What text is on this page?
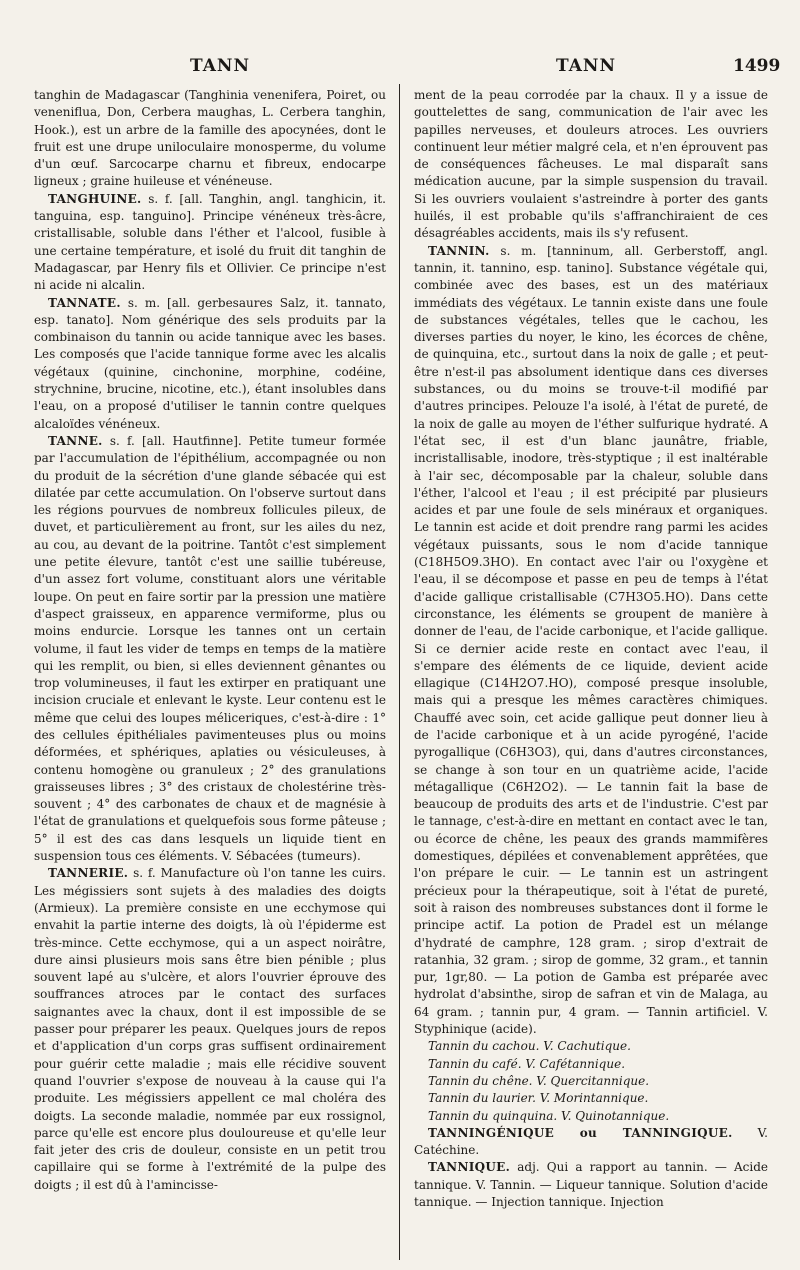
TANN	TANN	1499

tanghin de Madagascar (Tanghinia venenifera, Poiret, ou veneniflua, Don, Cerbera maughas, L. Cerbera tanghin, Hook.), est un arbre de la famille des apocynées, dont le fruit est une drupe uniloculaire monosperme, du volume d'un œuf. Sarcocarpe charnu et fibreux, endocarpe ligneux ; graine huileuse et vénéneuse.

TANGHUINE. s. f. [all. Tanghin, angl. tanghicin, it. tanguina, esp. tanguino]. Principe vénéneux très-âcre, cristallisable, soluble dans l'éther et l'alcool, fusible à une certaine température, et isolé du fruit dit tanghin de Madagascar, par Henry fils et Ollivier. Ce principe n'est ni acide ni alcalin.

TANNATE. s. m. [all. gerbesaures Salz, it. tannato, esp. tanato]. Nom générique des sels produits par la combinaison du tannin ou acide tannique avec les bases. Les composés que l'acide tannique forme avec les alcalis végétaux (quinine, cinchonine, morphine, codéine, strychnine, brucine, nicotine, etc.), étant insolubles dans l'eau, on a proposé d'utiliser le tannin contre quelques alcaloïdes vénéneux.

TANNE. s. f. [all. Hautfinne]. Petite tumeur formée par l'accumulation de l'épithélium, accompagnée ou non du produit de la sécrétion d'une glande sébacée qui est dilatée par cette accumulation. On l'observe surtout dans les régions pourvues de nombreux follicules pileux, de duvet, et particulièrement au front, sur les ailes du nez, au cou, au devant de la poitrine. Tantôt c'est simplement une petite élevure, tantôt c'est une saillie tubéreuse, d'un assez fort volume, constituant alors une véritable loupe. On peut en faire sortir par la pression une matière d'aspect graisseux, en apparence vermiforme, plus ou moins endurcie. Lorsque les tannes ont un certain volume, il faut les vider de temps en temps de la matière qui les remplit, ou bien, si elles deviennent gênantes ou trop volumineuses, il faut les extirper en pratiquant une incision cruciale et enlevant le kyste. Leur contenu est le même que celui des loupes méliceriques, c'est-à-dire : 1° des cellules épithéliales pavimenteuses plus ou moins déformées, et sphériques, aplaties ou vésiculeuses, à contenu homogène ou granuleux ; 2° des granulations graisseuses libres ; 3° des cristaux de cholestérine très-souvent ; 4° des carbonates de chaux et de magnésie à l'état de granulations et quelquefois sous forme pâteuse ; 5° il est des cas dans lesquels un liquide tient en suspension tous ces éléments. V. Sébacées (tumeurs).

TANNERIE. s. f. Manufacture où l'on tanne les cuirs. Les mégissiers sont sujets à des maladies des doigts (Armieux). La première consiste en une ecchymose qui envahit la partie interne des doigts, là où l'épiderme est très-mince. Cette ecchymose, qui a un aspect noirâtre, dure ainsi plusieurs mois sans être bien pénible ; plus souvent lapé au s'ulcère, et alors l'ouvrier éprouve des souffrances atroces par le contact des surfaces saignantes avec la chaux, dont il est impossible de se passer pour préparer les peaux. Quelques jours de repos et d'application d'un corps gras suffisent ordinairement pour guérir cette maladie ; mais elle récidive souvent quand l'ouvrier s'expose de nouveau à la cause qui l'a produite. Les mégissiers appellent ce mal choléra des doigts. La seconde maladie, nommée par eux rossignol, parce qu'elle est encore plus douloureuse et qu'elle leur fait jeter des cris de douleur, consiste en un petit trou capillaire qui se forme à l'extrémité de la pulpe des doigts ; il est dû à l'amincisse-

ment de la peau corrodée par la chaux. Il y a issue de gouttelettes de sang, communication de l'air avec les papilles nerveuses, et douleurs atroces. Les ouvriers continuent leur métier malgré cela, et n'en éprouvent pas de conséquences fâcheuses. Le mal disparaît sans médication aucune, par la simple suspension du travail. Si les ouvriers voulaient s'astreindre à porter des gants huilés, il est probable qu'ils s'affranchiraient de ces désagréables accidents, mais ils s'y refusent.

TANNIN. s. m. [tanninum, all. Gerberstoff, angl. tannin, it. tannino, esp. tanino]. Substance végétale qui, combinée avec des bases, est un des matériaux immédiats des végétaux. Le tannin existe dans une foule de substances végétales, telles que le cachou, les diverses parties du noyer, le kino, les écorces de chêne, de quinquina, etc., surtout dans la noix de galle ; et peut-être n'est-il pas absolument identique dans ces diverses substances, ou du moins se trouve-t-il modifié par d'autres principes. Pelouze l'a isolé, à l'état de pureté, de la noix de galle au moyen de l'éther sulfurique hydraté. A l'état sec, il est d'un blanc jaunâtre, friable, incristallisable, inodore, très-styptique ; il est inaltérable à l'air sec, décomposable par la chaleur, soluble dans l'éther, l'alcool et l'eau ; il est précipité par plusieurs acides et par une foule de sels minéraux et organiques. Le tannin est acide et doit prendre rang parmi les acides végétaux puissants, sous le nom d'acide tannique (C18H5O9.3HO). En contact avec l'air ou l'oxygène et l'eau, il se décompose et passe en peu de temps à l'état d'acide gallique cristallisable (C7H3O5.HO). Dans cette circonstance, les éléments se groupent de manière à donner de l'eau, de l'acide carbonique, et l'acide gallique. Si ce dernier acide reste en contact avec l'eau, il s'empare des éléments de ce liquide, devient acide ellagique (C14H2O7.HO), composé presque insoluble, mais qui a presque les mêmes caractères chimiques. Chauffé avec soin, cet acide gallique peut donner lieu à de l'acide carbonique et à un acide pyrogéné, l'acide pyrogallique (C6H3O3), qui, dans d'autres circonstances, se change à son tour en un quatrième acide, l'acide métagallique (C6H2O2). — Le tannin fait la base de beaucoup de produits des arts et de l'industrie. C'est par le tannage, c'est-à-dire en mettant en contact avec le tan, ou écorce de chêne, les peaux des grands mammifères domestiques, dépilées et convenablement apprêtées, que l'on prépare le cuir. — Le tannin est un astringent précieux pour la thérapeutique, soit à l'état de pureté, soit à raison des nombreuses substances dont il forme le principe actif. La potion de Pradel est un mélange d'hydraté de camphre, 128 gram. ; sirop d'extrait de ratanhia, 32 gram. ; sirop de gomme, 32 gram., et tannin pur, 1gr,80. — La potion de Gamba est préparée avec hydrolat d'absinthe, sirop de safran et vin de Malaga, au 64 gram. ; tannin pur, 4 gram. — Tannin artificiel. V. Styphinique (acide).

Tannin du cachou. V. Cachutique.

Tannin du café. V. Cafétannique.

Tannin du chêne. V. Quercitannique.

Tannin du laurier. V. Morintannique.

Tannin du quinquina. V. Quinotannique.

TANNINGÉNIQUE ou TANNINGIQUE. V. Catéchine.

TANNIQUE. adj. Qui a rapport au tannin. — Acide tannique. V. Tannin. — Liqueur tannique. Solution d'acide tannique. — Injection tannique. Injection
